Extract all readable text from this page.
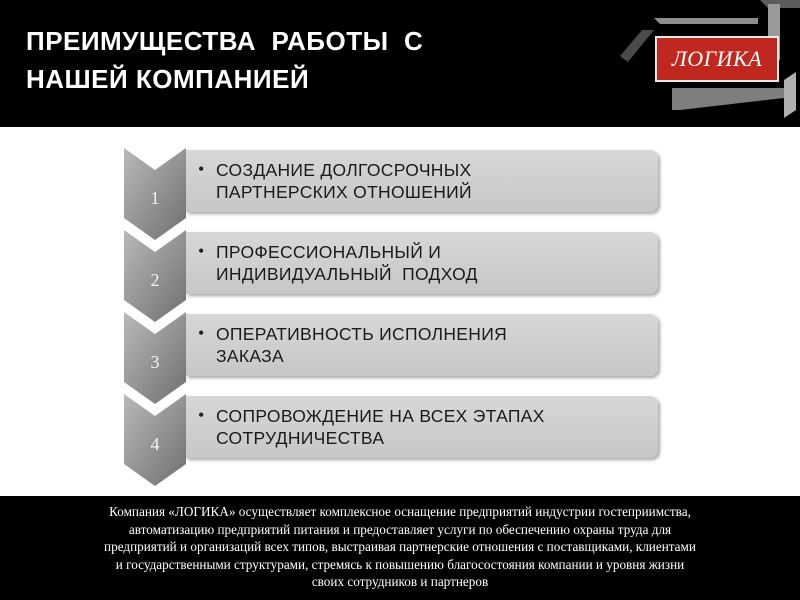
ПРЕИМУЩЕСТВА  РАБОТЫ  С
НАШЕЙ КОМПАНИЕЙ
ЛОГИКА
1
• СОЗДАНИЕ ДОЛГОСРОЧНЫХ
ПАРТНЕРСКИХ ОТНОШЕНИЙ
2
• ПРОФЕССИОНАЛЬНЫЙ И
ИНДИВИДУАЛЬНЫЙ  ПОДХОД
3
• ОПЕРАТИВНОСТЬ ИСПОЛНЕНИЯ
ЗАКАЗА
4
• СОПРОВОЖДЕНИЕ НА ВСЕХ ЭТАПАХ
СОТРУДНИЧЕСТВА
Компания «ЛОГИКА» осуществляет комплексное оснащение предприятий индустрии гостеприимства,
автоматизацию предприятий питания и предоставляет услуги по обеспечению охраны труда для
предприятий и организаций всех типов, выстраивая партнерские отношения с поставщиками, клиентами
и государственными структурами, стремясь к повышению благосостояния компании и уровня жизни
своих сотрудников и партнеров
